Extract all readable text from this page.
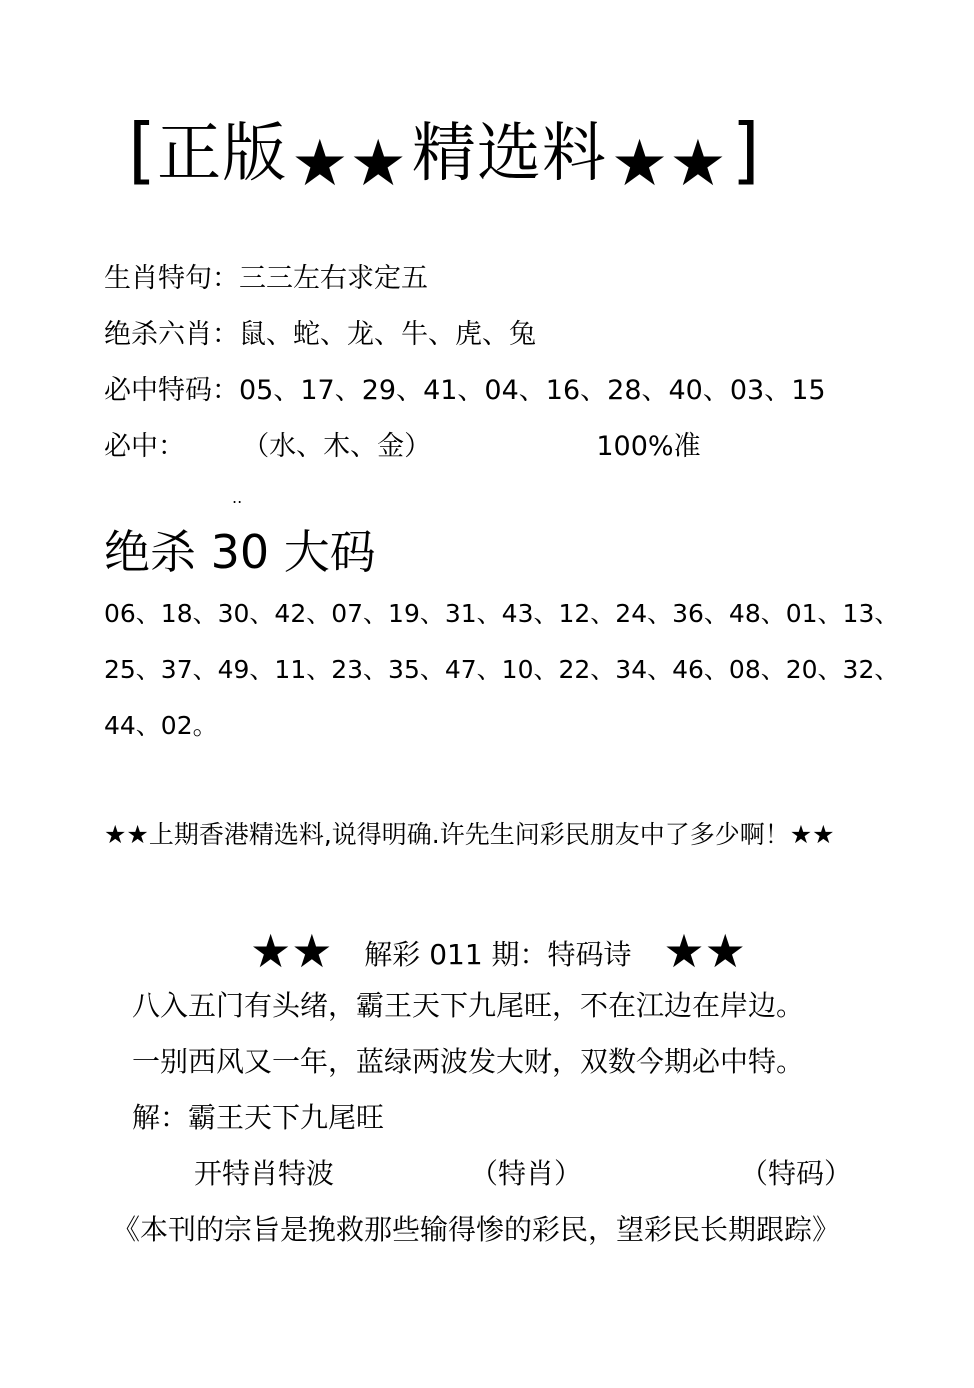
[正版★★精选料★★]
生肖特句：三三左右求定五
绝杀六肖：鼠、蛇、龙、牛、虎、兔
必中特码：05、17、29、41、04、16、28、40、03、15
必中： （水、木、金）	100%准
..
绝杀 30 大码
06、18、30、42、07、19、31、43、12、24、36、48、01、13、
25、37、49、11、23、35、47、10、22、34、46、08、20、32、
44、02。
★★上期香港精选料,说得明确.许先生问彩民朋友中了多少啊！★★
★★ 解彩 011 期：特码诗 ★★
八入五门有头绪，霸王天下九尾旺，不在江边在岸边。
一别西风又一年，蓝绿两波发大财，双数今期必中特。
解：霸王天下九尾旺
开特肖特波	（特肖）	（特码）
《本刊的宗旨是挽救那些输得惨的彩民，望彩民长期跟踪》
